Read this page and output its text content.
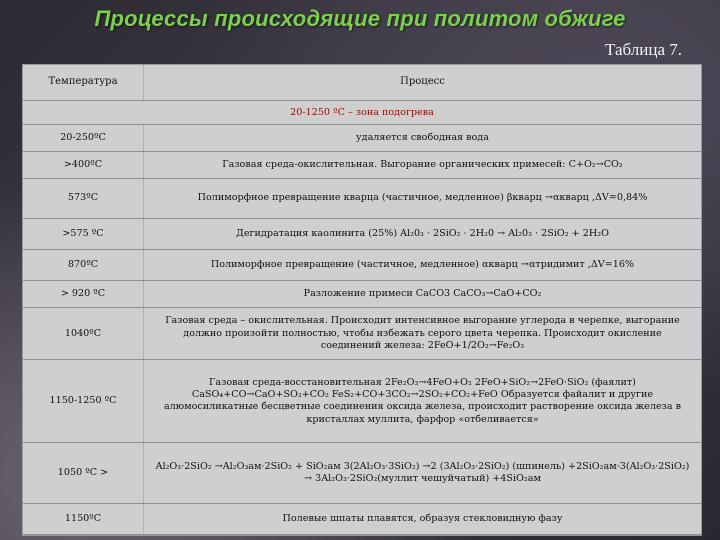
Процессы происходящие при политом обжиге
Таблица 7.
Температура	Процесс
20-1250 ºС – зона подогрева	
20-250ºС	удаляется свободная вода
>400ºС	Газовая среда-окислительная. Выгорание органических примесей: С+О₂→СО₂
573ºС	Полиморфное превращение кварца (частичное, медленное) βкварц →αкварц ,ΔV=0,84%
>575 ºС	Дегидратация каолинита (25%) Al₂0₃ · 2SiO₂ · 2H₂0 → Al₂0₃ · 2SiO₂ + 2H₂O
870ºС	Полиморфное превращение (частичное, медленное) αкварц →αтридимит ,ΔV=16%
> 920 ºС	Разложение примеси СаСО3 CaCO₃→CaO+CO₂
1040ºС	Газовая среда – окислительная. Происходит интенсивное выгорание углерода в черепке, выгорание должно произойти полностью, чтобы избежать серого цвета черепка. Происходит окисление соединений железа: 2FeO+1/2O₂→Fe₂O₃
1150-1250 ºС	Газовая среда-восстановительная 2Fe₂O₃→4FeO+O₂ 2FeO+SiO₂→2FeO·SiO₂ (фаялит) CaSO₄+CO→CaO+SO₂+CO₂ FeS₂+CO+3CO₂→2SO₂+CO₂+FeO Образуется файалит и другие алюмосиликатные бесцветные соединения оксида железа, происходит растворение оксида железа в кристаллах муллита, фарфор «отбеливается»
1050 ºС >	Al₂O₃·2SiO₂ →Al₂O₃ам·2SiO₂ + SiO₂ам 3(2Al₂O₃·3SiO₂) →2 (3Al₂O₃·2SiO₂) (шпинель) +2SiO₂ам·3(Al₂O₃·2SiO₂) → 3Al₂O₃·2SiO₂(муллит чешуйчатый) +4SiO₂ам
1150ºС	Полевые шпаты плавятся, образуя стекловидную фазу
